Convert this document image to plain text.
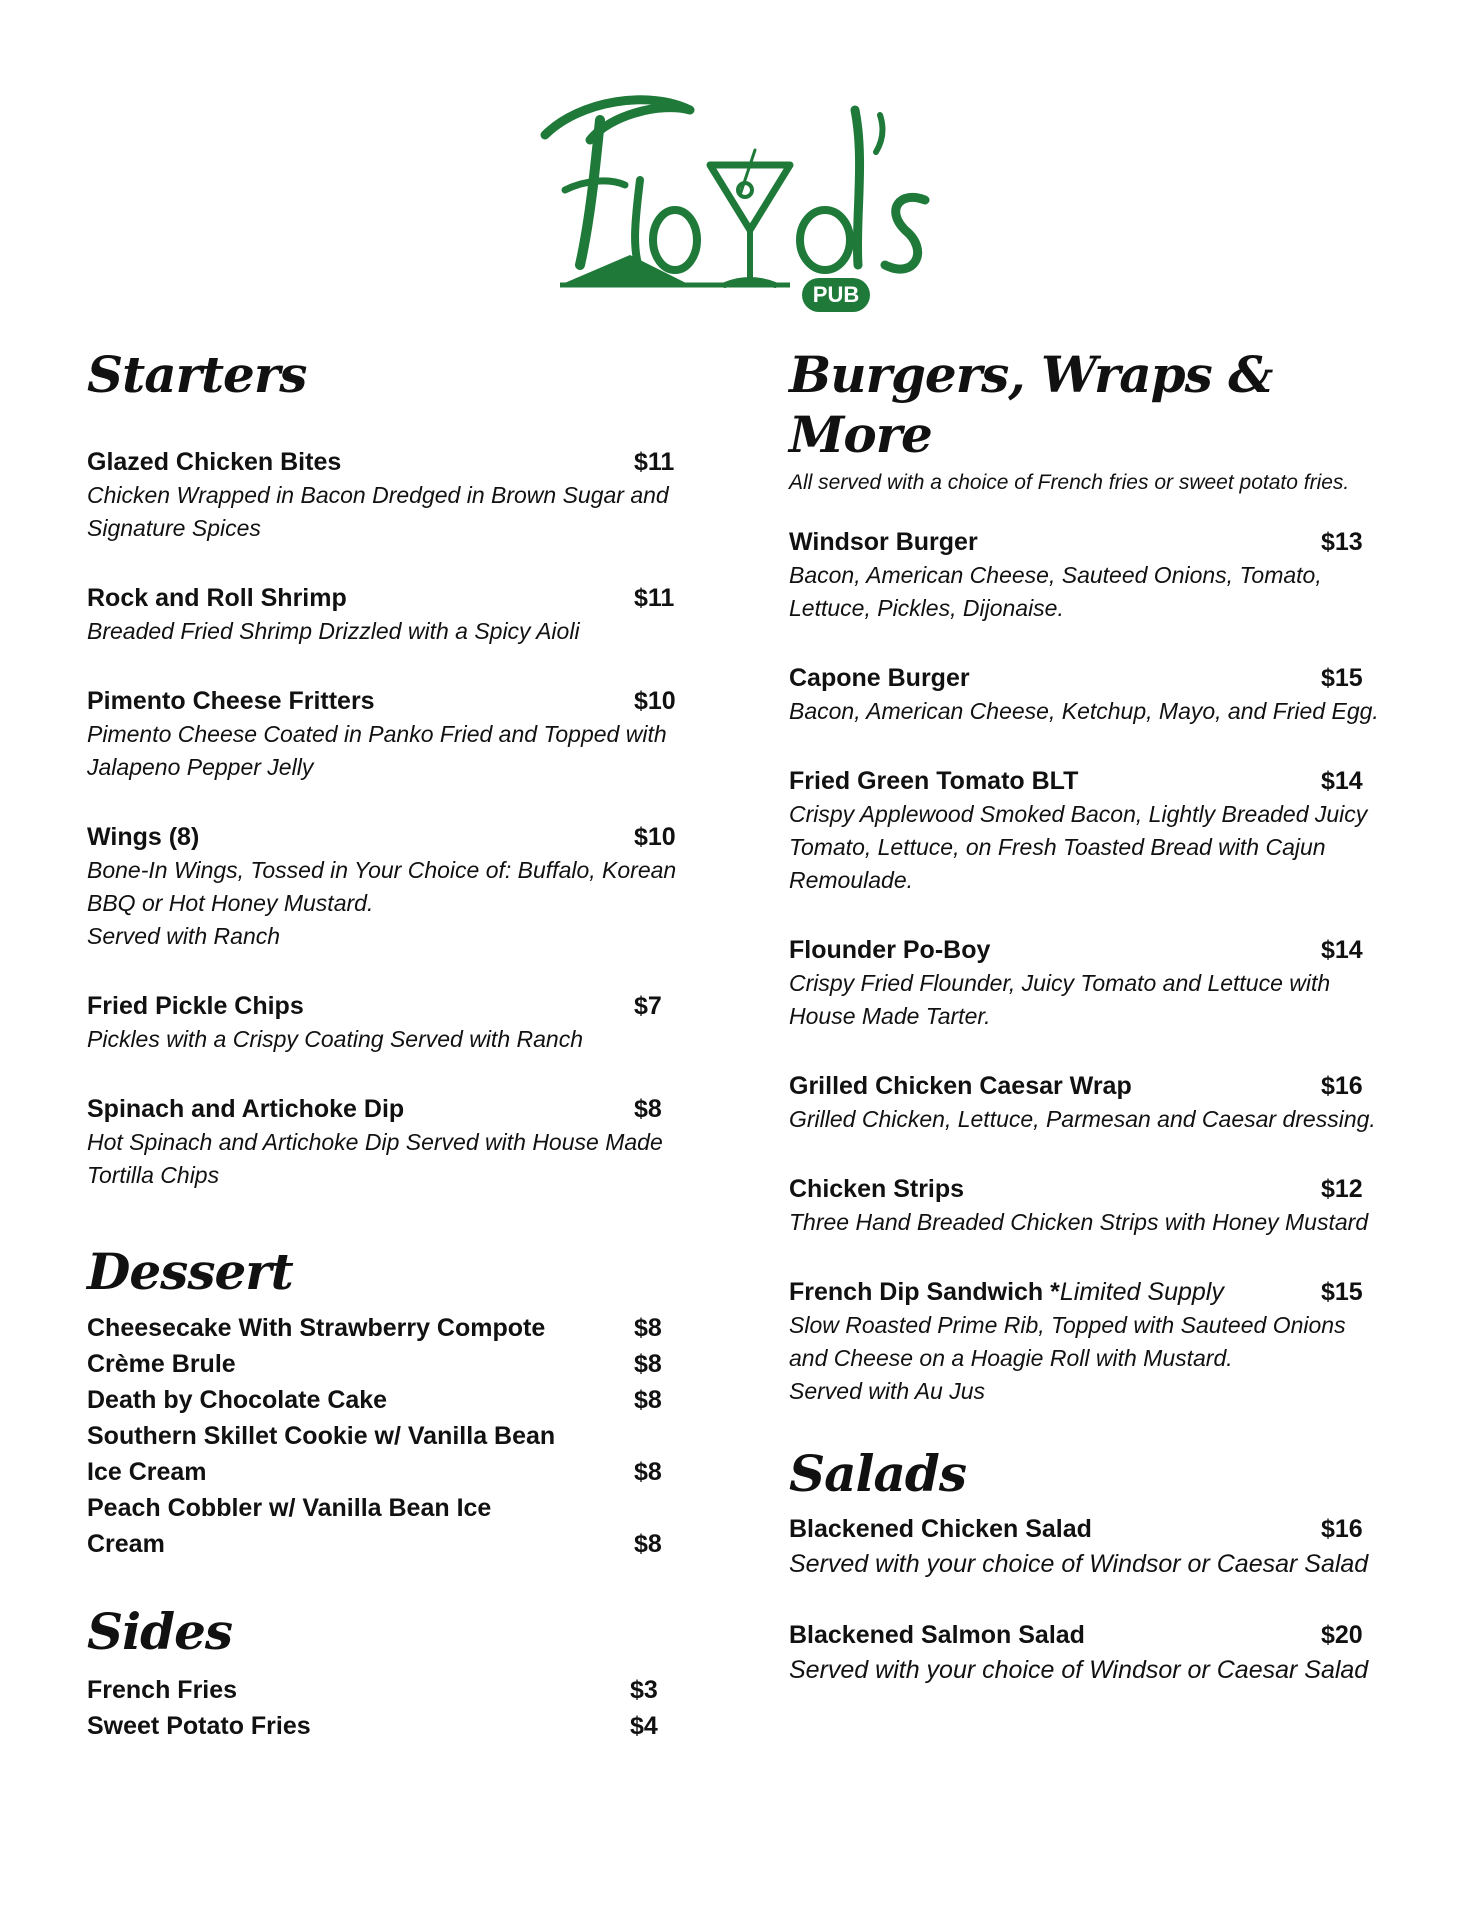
PUB
Starters
Glazed Chicken Bites	$11
Chicken Wrapped in Bacon Dredged in Brown Sugar and
Signature Spices
Rock and Roll Shrimp	$11
Breaded Fried Shrimp Drizzled with a Spicy Aioli
Pimento Cheese Fritters	$10
Pimento Cheese Coated in Panko Fried and Topped with
Jalapeno Pepper Jelly
Wings (8)	$10
Bone-In Wings, Tossed in Your Choice of: Buffalo, Korean
BBQ or Hot Honey Mustard.
Served with Ranch
Fried Pickle Chips	$7
Pickles with a Crispy Coating Served with Ranch
Spinach and Artichoke Dip	$8
Hot Spinach and Artichoke Dip Served with House Made
Tortilla Chips
Dessert
Cheesecake With Strawberry Compote	$8
Crème Brule	$8
Death by Chocolate Cake	$8
Southern Skillet Cookie w/ Vanilla Bean Ice Cream	$8
Peach Cobbler w/ Vanilla Bean Ice Cream	$8
Sides
French Fries	$3
Sweet Potato Fries	$4
Burgers, Wraps & More

All served with a choice of French fries or sweet potato fries.

Windsor Burger	$13
Bacon, American Cheese, Sauteed Onions, Tomato,
Lettuce, Pickles, Dijonaise.
Capone Burger	$15
Bacon, American Cheese, Ketchup, Mayo, and Fried Egg.
Fried Green Tomato BLT	$14
Crispy Applewood Smoked Bacon, Lightly Breaded Juicy
Tomato, Lettuce, on Fresh Toasted Bread with Cajun
Remoulade.
Flounder Po-Boy	$14
Crispy Fried Flounder, Juicy Tomato and Lettuce with
House Made Tarter.
Grilled Chicken Caesar Wrap	$16
Grilled Chicken, Lettuce, Parmesan and Caesar dressing.
Chicken Strips	$12
Three Hand Breaded Chicken Strips with Honey Mustard
French Dip Sandwich *Limited Supply	$15
Slow Roasted Prime Rib, Topped with Sauteed Onions
and Cheese on a Hoagie Roll with Mustard.
Served with Au Jus
Salads
Blackened Chicken Salad	$16
Served with your choice of Windsor or Caesar Salad
Blackened Salmon Salad	$20
Served with your choice of Windsor or Caesar Salad
